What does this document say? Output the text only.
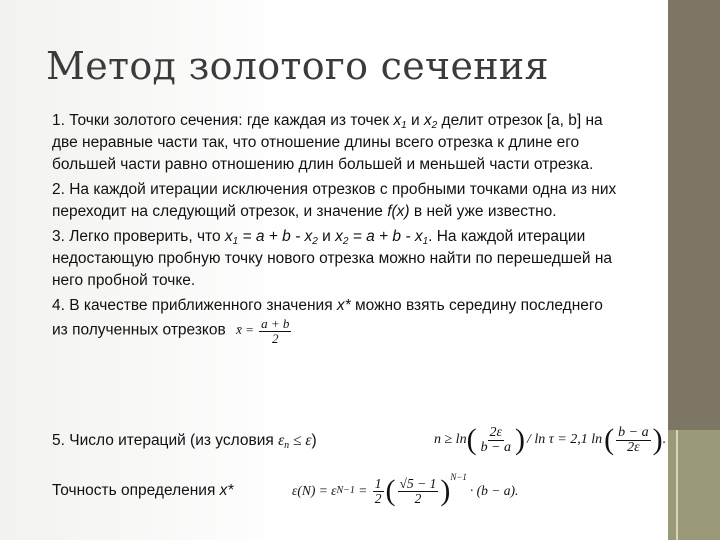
Метод золотого сечения

1. Точки золотого сечения: где каждая из точек $x_1$ и $x_2$ делит отрезок [a, b] на две неравные части так, что отношение длины всего отрезка к длине его большей части равно отношению длин большей и меньшей части отрезка.

2. На каждой итерации исключения отрезков с пробными точками одна из них переходит на следующий отрезок, и значение f(x) в ней уже известно.

3. Легко проверить, что $x_1 = a + b - x_2$ и $x_2 = a + b - x_1$. На каждой итерации недостающую пробную точку нового отрезка можно найти по перешедшей на него пробной точке.

4. В качестве приближенного значения x* можно взять середину последнего из полученных отрезков x̄ = $\frac{a + b}{2}$

5. Число итераций (из условия $\varepsilon_n \le \varepsilon$)	n ≥ ln ( $\frac{2\varepsilon}{b - a}$ ) / ln τ = 2,1 ln ( $\frac{b - a}{2\varepsilon}$ ) .
Точность определения x*	ε(N) = ε $N-1 = \frac{1}{2}$ ( $\frac{√5 - 1}{2} )^{N-1}$
· (b − a).
